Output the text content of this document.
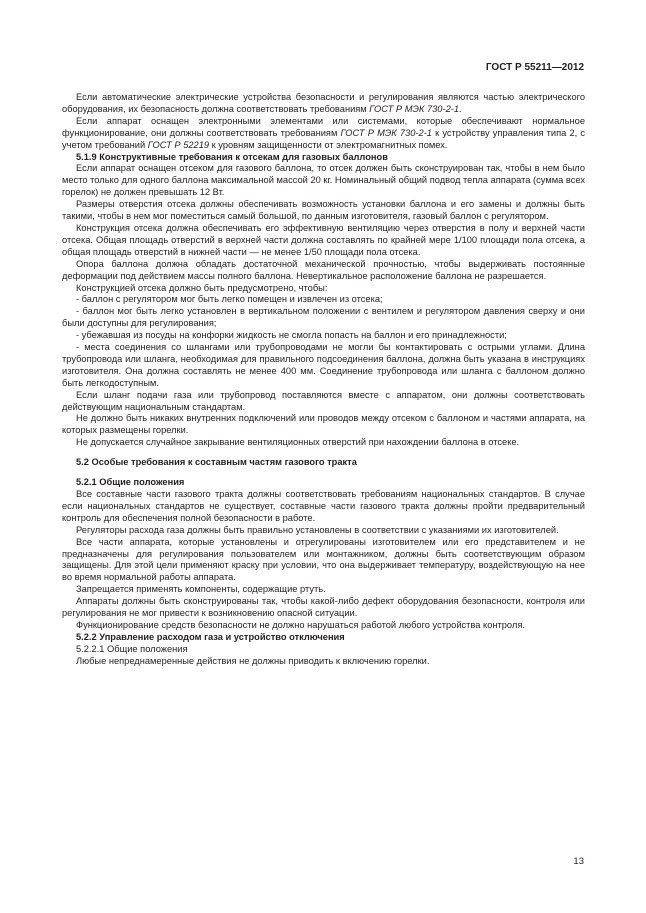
ГОСТ Р 55211—2012

Если автоматические электрические устройства безопасности и регулирования являются частью электрического оборудования, их безопасность должна соответствовать требованиям ГОСТ Р МЭК 730-2-1.

Если аппарат оснащен электронными элементами или системами, которые обеспечивают нормальное функционирование, они должны соответствовать требованиям ГОСТ Р МЭК 730-2-1 к устройству управления типа 2, с учетом требований ГОСТ Р 52219 к уровням защищенности от электромагнитных помех.

5.1.9 Конструктивные требования к отсекам для газовых баллонов

Если аппарат оснащен отсеком для газового баллона, то отсек должен быть сконструирован так, чтобы в нем было место только для одного баллона максимальной массой 20 кг. Номинальный общий подвод тепла аппарата (сумма всех горелок) не должен превышать 12 Вт.

Размеры отверстия отсека должны обеспечивать возможность установки баллона и его замены и должны быть такими, чтобы в нем мог поместиться самый большой, по данным изготовителя, газовый баллон с регулятором.

Конструкция отсека должна обеспечивать его эффективную вентиляцию через отверстия в полу и верхней части отсека. Общая площадь отверстий в верхней части должна составлять по крайней мере 1/100 площади пола отсека, а общая площадь отверстий в нижней части — не менее 1/50 площади пола отсека.

Опора баллона должна обладать достаточной механической прочностью, чтобы выдерживать постоянные деформации под действием массы полного баллона. Невертикальное расположение баллона не разрешается.

Конструкцией отсека должно быть предусмотрено, чтобы:

- баллон с регулятором мог быть легко помещен и извлечен из отсека;

- баллон мог быть легко установлен в вертикальном положении с вентилем и регулятором давления сверху и они были доступны для регулирования;

- убежавшая из посуды на конфорки жидкость не смогла попасть на баллон и его принадлежности;

- места соединения со шлангами или трубопроводами не могли бы контактировать с острыми углами. Длина трубопровода или шланга, необходимая для правильного подсоединения баллона, должна быть указана в инструкциях изготовителя. Она должна составлять не менее 400 мм. Соединение трубопровода или шланга с баллоном должно быть легкодоступным.

Если шланг подачи газа или трубопровод поставляются вместе с аппаратом, они должны соответствовать действующим национальным стандартам.

Не должно быть никаких внутренних подключений или проводов между отсеком с баллоном и частями аппарата, на которых размещены горелки.

Не допускается случайное закрывание вентиляционных отверстий при нахождении баллона в отсеке.

5.2 Особые требования к составным частям газового тракта

5.2.1 Общие положения

Все составные части газового тракта должны соответствовать требованиям национальных стандартов. В случае если национальных стандартов не существует, составные части газового тракта должны пройти предварительный контроль для обеспечения полной безопасности в работе.

Регуляторы расхода газа должны быть правильно установлены в соответствии с указаниями их изготовителей.

Все части аппарата, которые установлены и отрегулированы изготовителем или его представителем и не предназначены для регулирования пользователем или монтажником, должны быть соответствующим образом защищены. Для этой цели применяют краску при условии, что она выдерживает температуру, воздействующую на нее во время нормальной работы аппарата.

Запрещается применять компоненты, содержащие ртуть.

Аппараты должны быть сконструированы так, чтобы какой-либо дефект оборудования безопасности, контроля или регулирования не мог привести к возникновению опасной ситуации.

Функционирование средств безопасности не должно нарушаться работой любого устройства контроля.

5.2.2 Управление расходом газа и устройство отключения

5.2.2.1 Общие положения

Любые непреднамеренные действия не должны приводить к включению горелки.

13
